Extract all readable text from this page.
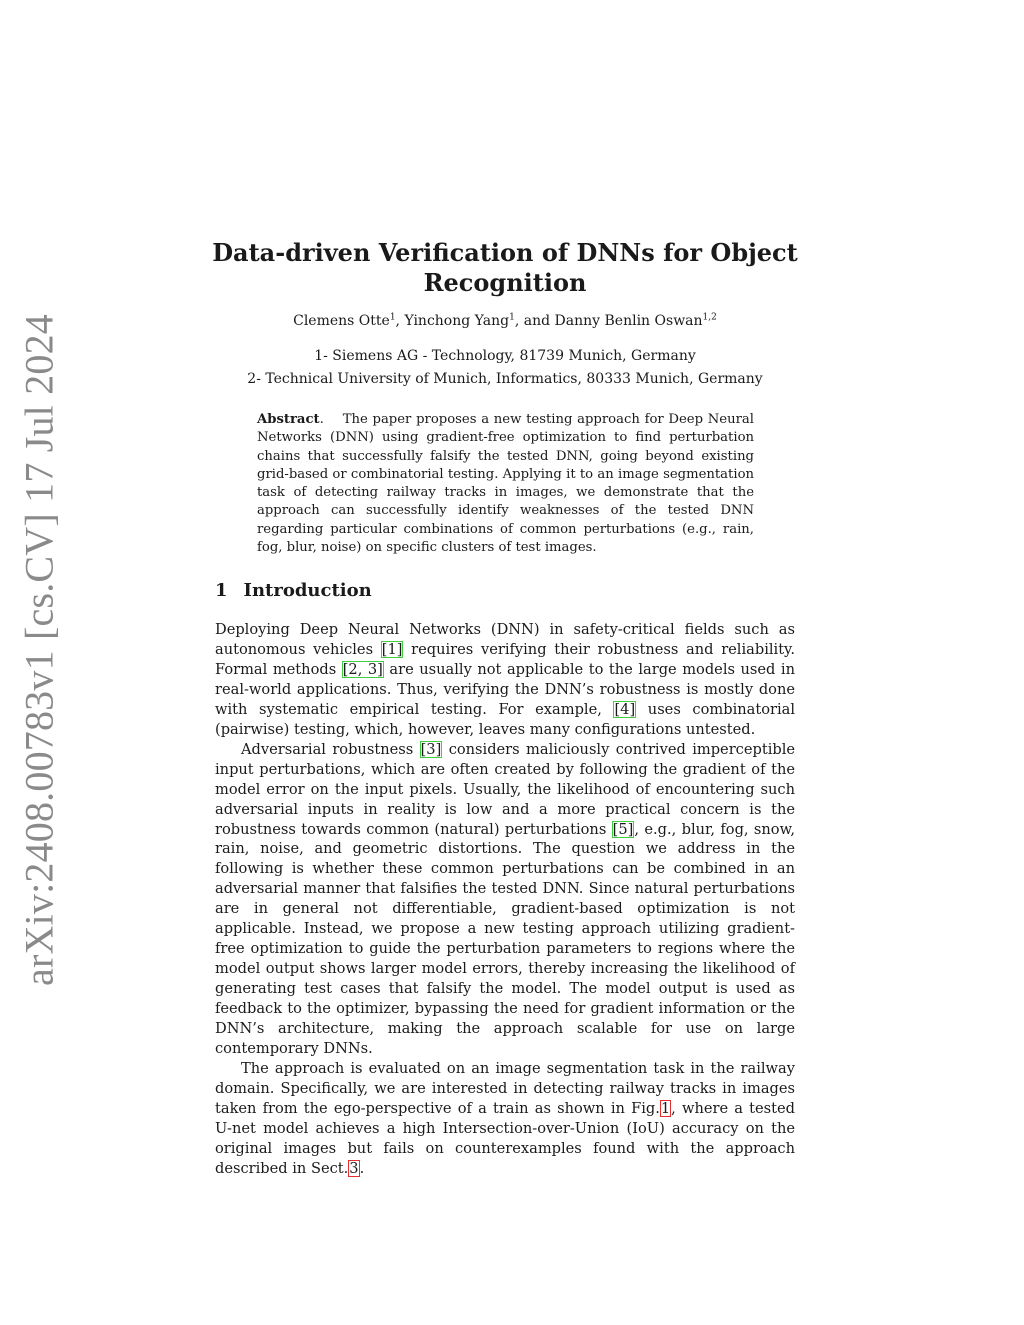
arXiv:2408.00783v1 [cs.CV] 17 Jul 2024
Data-driven Verification of DNNs for Object Recognition
Clemens Otte$^1$, Yinchong Yang$^1$, and Danny Benlin Oswan$^{1,2}$
1- Siemens AG - Technology, 81739 Munich, Germany
2- Technical University of Munich, Informatics, 80333 Munich, Germany

Abstract. The paper proposes a new testing approach for Deep Neural Networks (DNN) using gradient-free optimization to find perturbation chains that successfully falsify the tested DNN, going beyond existing grid-based or combinatorial testing. Applying it to an image segmentation task of detecting railway tracks in images, we demonstrate that the approach can successfully identify weaknesses of the tested DNN regarding particular combinations of common perturbations (e.g., rain, fog, blur, noise) on specific clusters of test images.

1 Introduction

Deploying Deep Neural Networks (DNN) in safety-critical fields such as autonomous vehicles [1] requires verifying their robustness and reliability. Formal methods [2, 3] are usually not applicable to the large models used in real-world applications. Thus, verifying the DNN’s robustness is mostly done with systematic empirical testing. For example, [4] uses combinatorial (pairwise) testing, which, however, leaves many configurations untested.

Adversarial robustness [3] considers maliciously contrived imperceptible input perturbations, which are often created by following the gradient of the model error on the input pixels. Usually, the likelihood of encountering such adversarial inputs in reality is low and a more practical concern is the robustness towards common (natural) perturbations [5], e.g., blur, fog, snow, rain, noise, and geometric distortions. The question we address in the following is whether these common perturbations can be combined in an adversarial manner that falsifies the tested DNN. Since natural perturbations are in general not differentiable, gradient-based optimization is not applicable. Instead, we propose a new testing approach utilizing gradient-free optimization to guide the perturbation parameters to regions where the model output shows larger model errors, thereby increasing the likelihood of generating test cases that falsify the model. The model output is used as feedback to the optimizer, bypassing the need for gradient information or the DNN’s architecture, making the approach scalable for use on large contemporary DNNs.

The approach is evaluated on an image segmentation task in the railway domain. Specifically, we are interested in detecting railway tracks in images taken from the ego-perspective of a train as shown in Fig.1, where a tested U-net model achieves a high Intersection-over-Union (IoU) accuracy on the original images but fails on counterexamples found with the approach described in Sect.3.
